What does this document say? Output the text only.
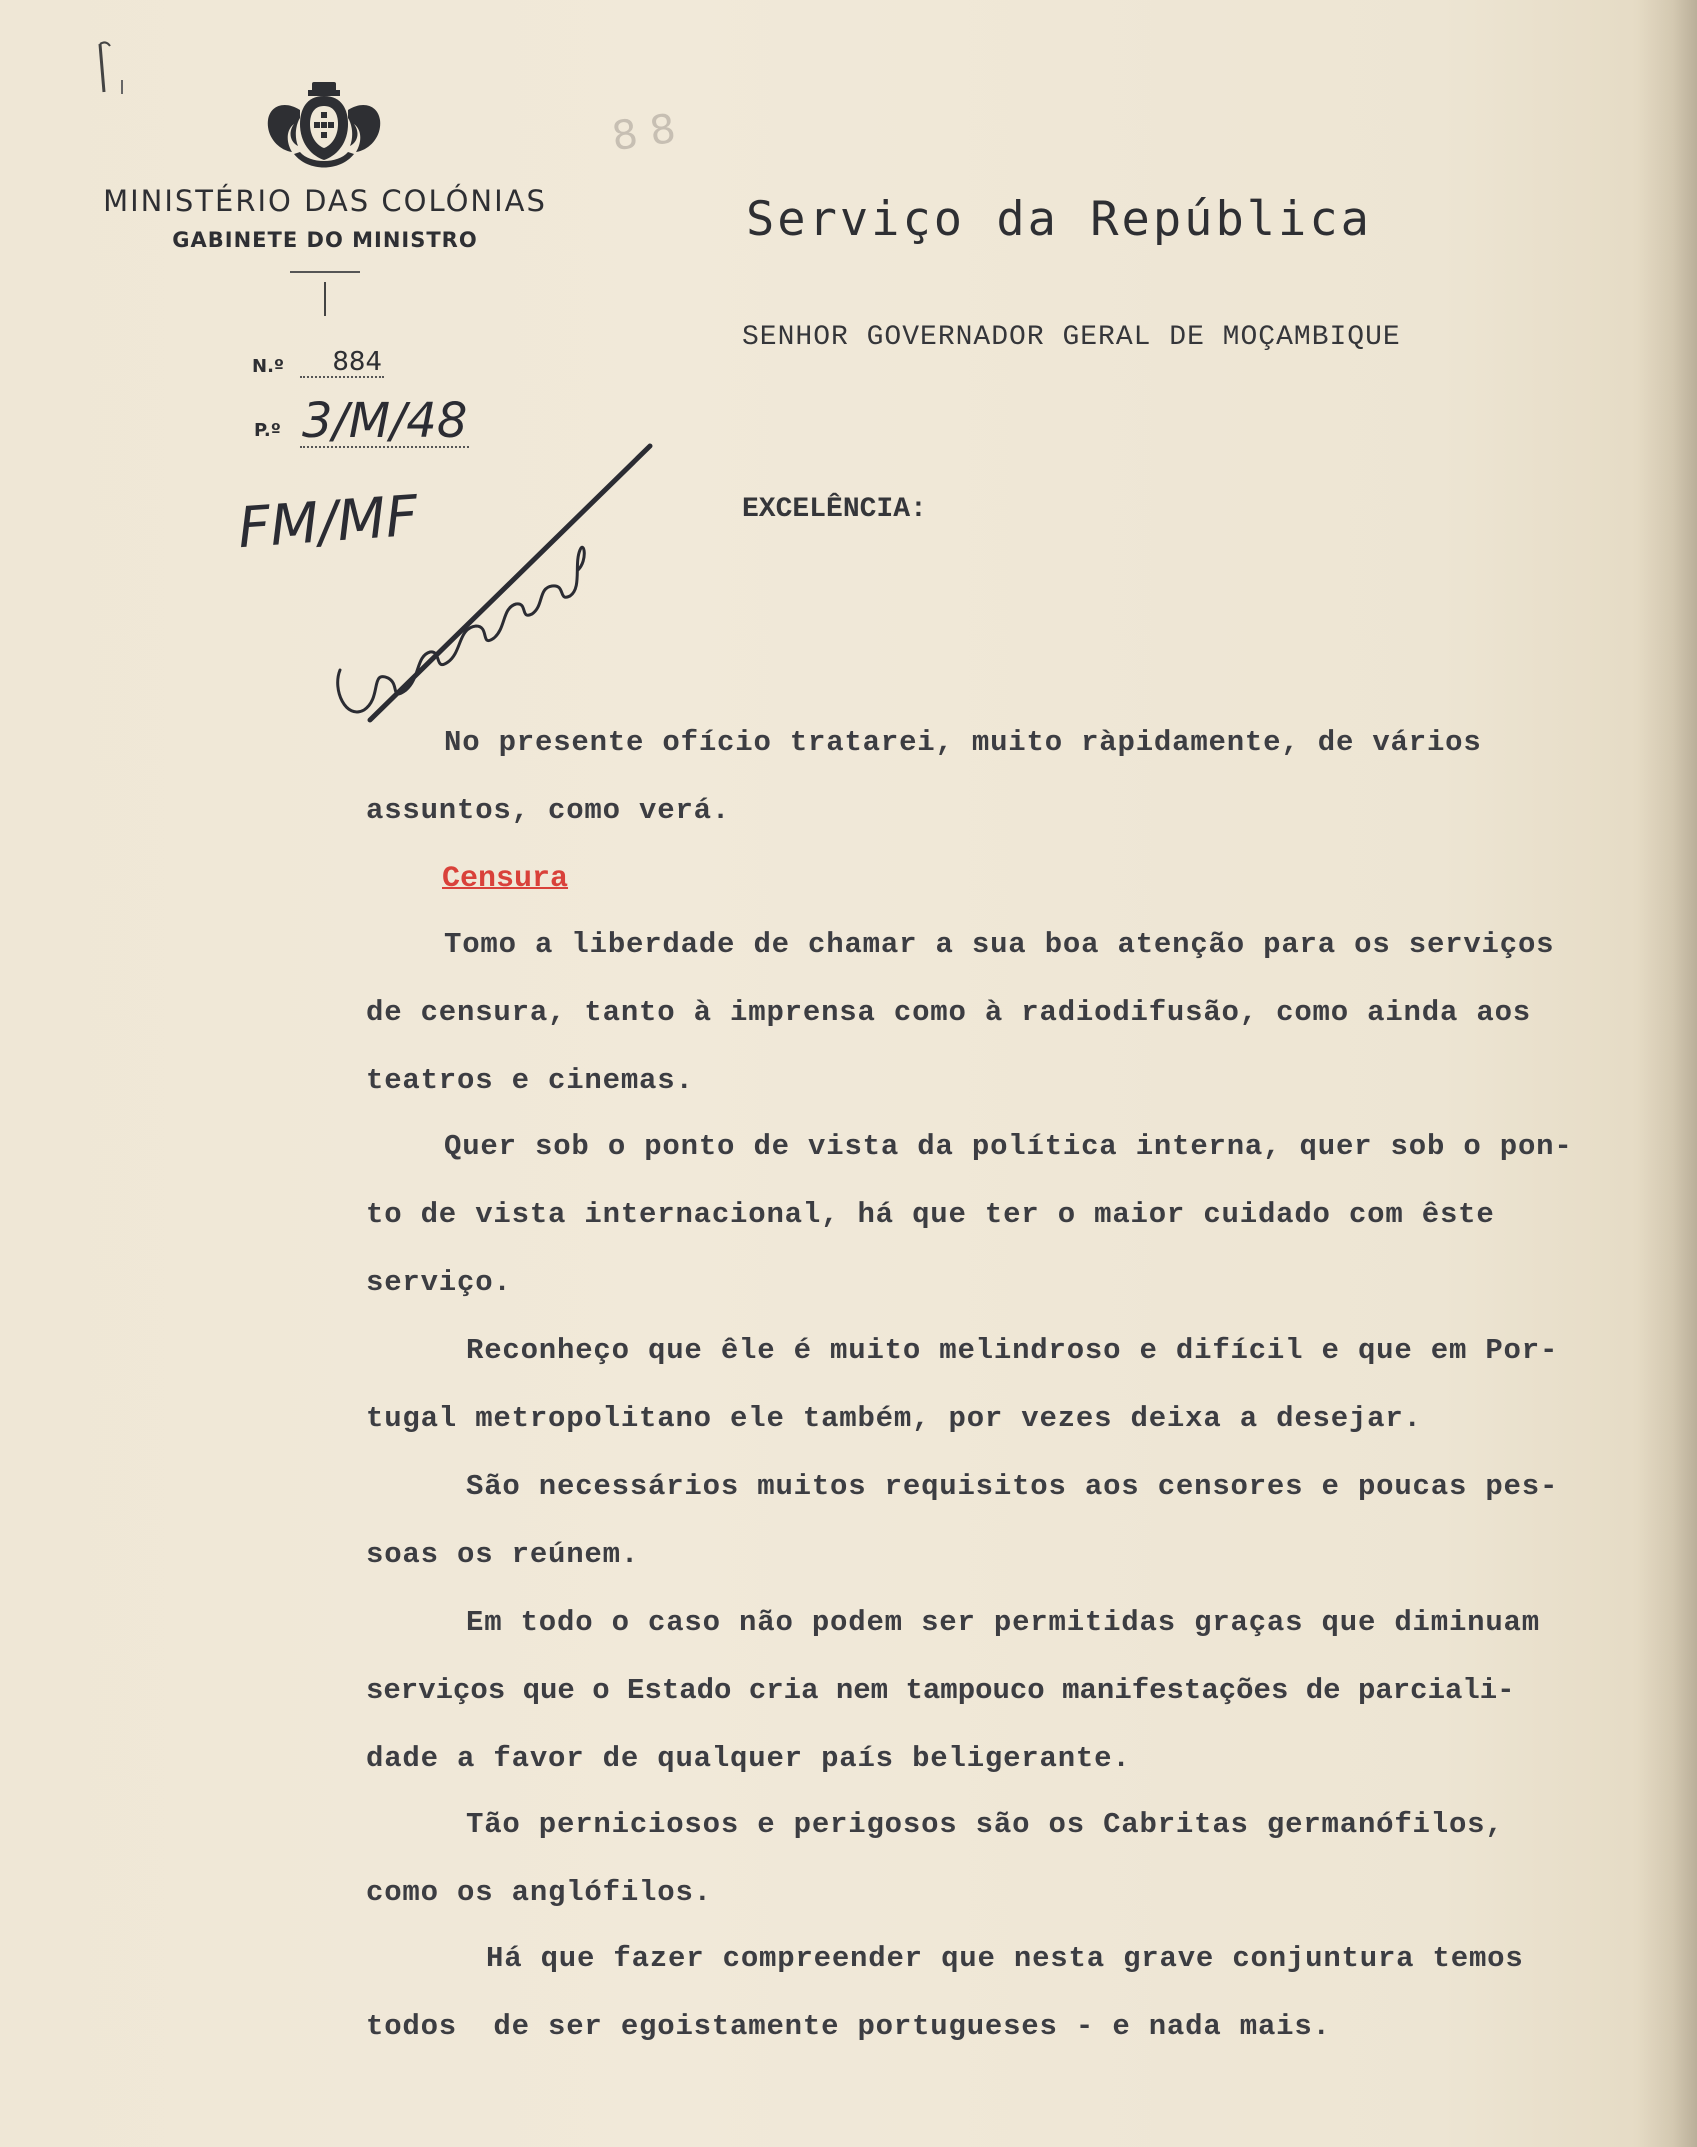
8 8
MINISTÉRIO DAS COLÓNIAS
GABINETE DO MINISTRO
N.º	884
P.º 3/M/48
FM/MF
Serviço da República
SENHOR GOVERNADOR GERAL DE MOÇAMBIQUE
EXCELÊNCIA:
No presente ofício tratarei, muito ràpidamente, de vários
assuntos, como verá.
Censura
Tomo a liberdade de chamar a sua boa atenção para os serviços
de censura, tanto à imprensa como à radiodifusão, como ainda aos
teatros e cinemas.
Quer sob o ponto de vista da política interna, quer sob o pon-
to de vista internacional, há que ter o maior cuidado com êste
serviço.
Reconheço que êle é muito melindroso e difícil e que em Por-
tugal metropolitano ele também, por vezes deixa a desejar.
São necessários muitos requisitos aos censores e poucas pes-
soas os reúnem.
Em todo o caso não podem ser permitidas graças que diminuam
serviços que o Estado cria nem tampouco manifestações de parciali-
dade a favor de qualquer país beligerante.
Tão perniciosos e perigosos são os Cabritas germanófilos,
como os anglófilos.
Há que fazer compreender que nesta grave conjuntura temos
todos  de ser egoistamente portugueses - e nada mais.
